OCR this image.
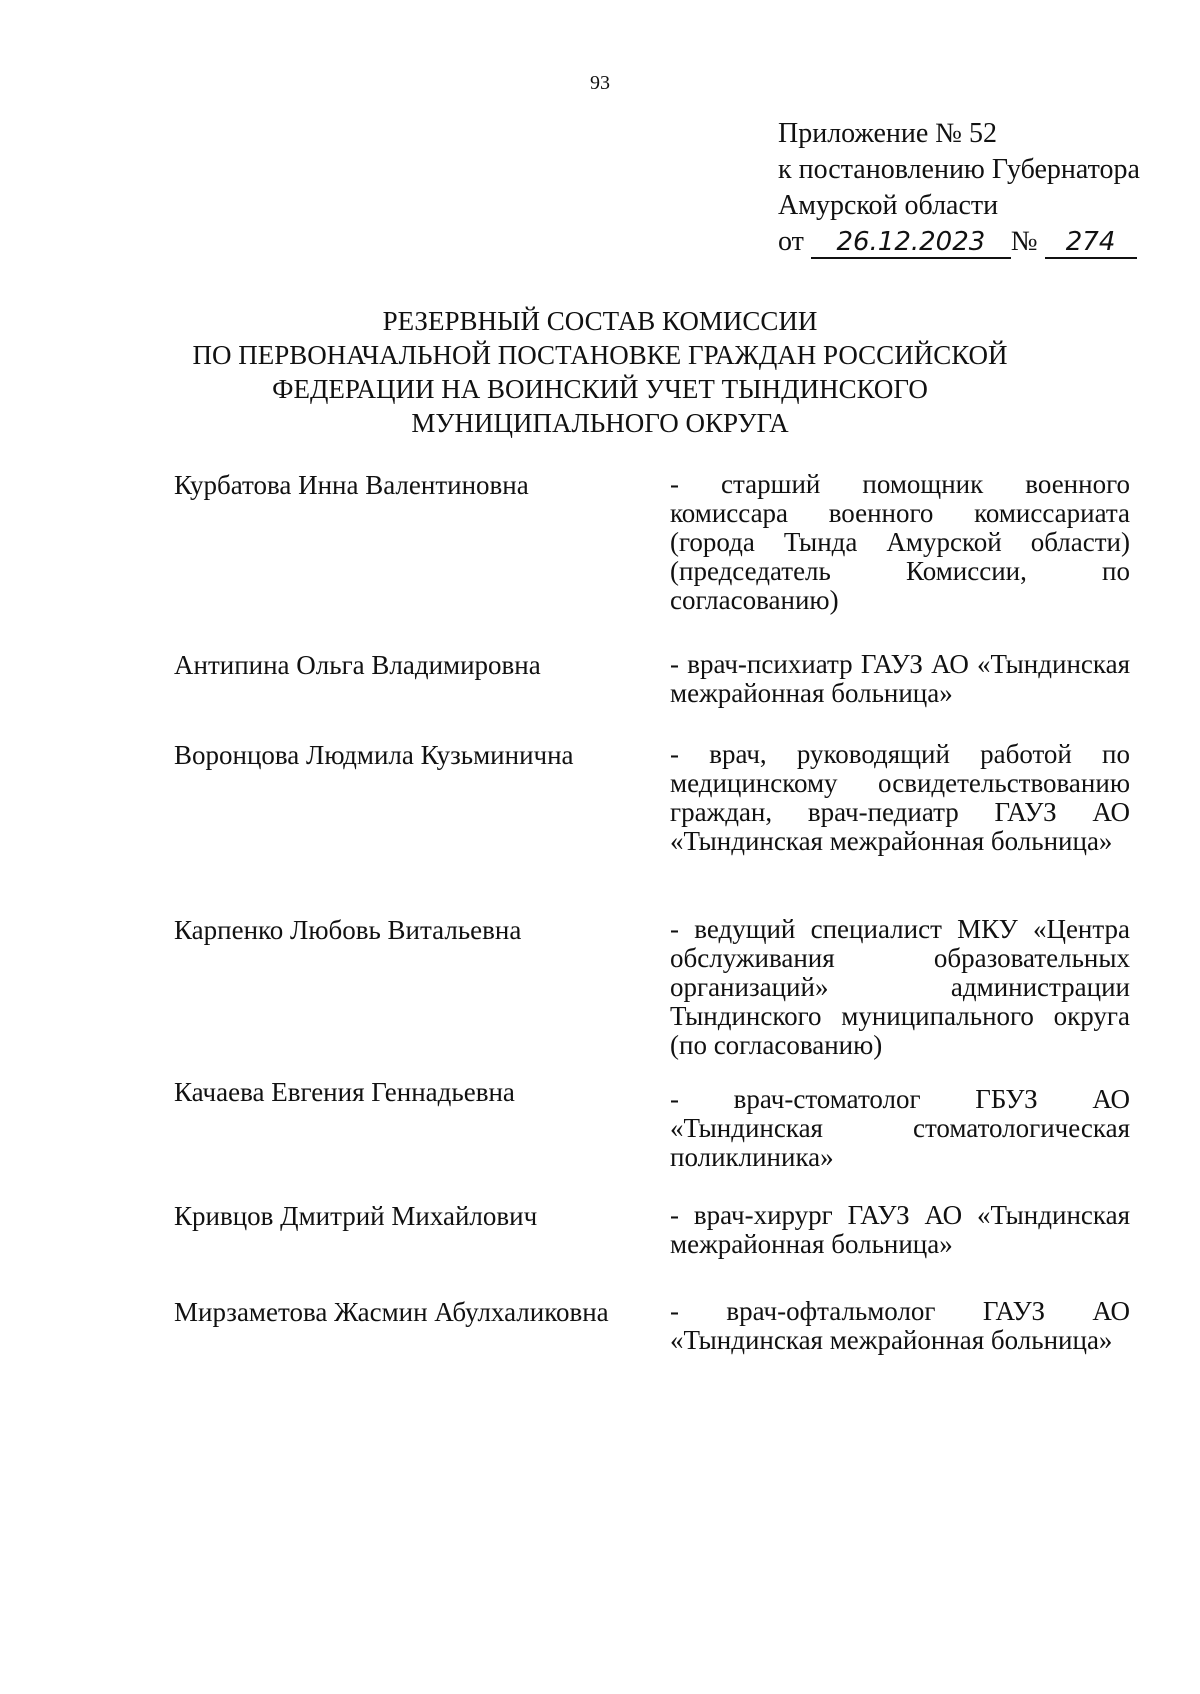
93
Приложение № 52
к постановлению Губернатора
Амурской области
от 26.12.2023 № 274
РЕЗЕРВНЫЙ СОСТАВ КОМИССИИ
ПО ПЕРВОНАЧАЛЬНОЙ ПОСТАНОВКЕ ГРАЖДАН РОССИЙСКОЙ
ФЕДЕРАЦИИ НА ВОИНСКИЙ УЧЕТ ТЫНДИНСКОГО
МУНИЦИПАЛЬНОГО ОКРУГА
Курбатова Инна Валентиновна	- старший помощник военного комиссара военного комиссариата (города Тында Амурской области) (председатель Комиссии, по согласованию)
Антипина Ольга Владимировна	- врач-психиатр ГАУЗ АО «Тындинская межрайонная больница»
Воронцова Людмила Кузьминична	- врач, руководящий работой по медицинскому освидетельствованию граждан, врач-педиатр ГАУЗ АО «Тындинская межрайонная больница»
Карпенко Любовь Витальевна	- ведущий специалист МКУ «Центра обслуживания образовательных организаций» администрации Тындинского муниципального округа (по согласованию)
Качаева Евгения Геннадьевна	- врач-стоматолог ГБУЗ АО «Тындинская стоматологическая поликлиника»
Кривцов Дмитрий Михайлович	- врач-хирург ГАУЗ АО «Тындинская межрайонная больница»
Мирзаметова Жасмин Абулхаликовна	- врач-офтальмолог ГАУЗ АО «Тындинская межрайонная больница»
